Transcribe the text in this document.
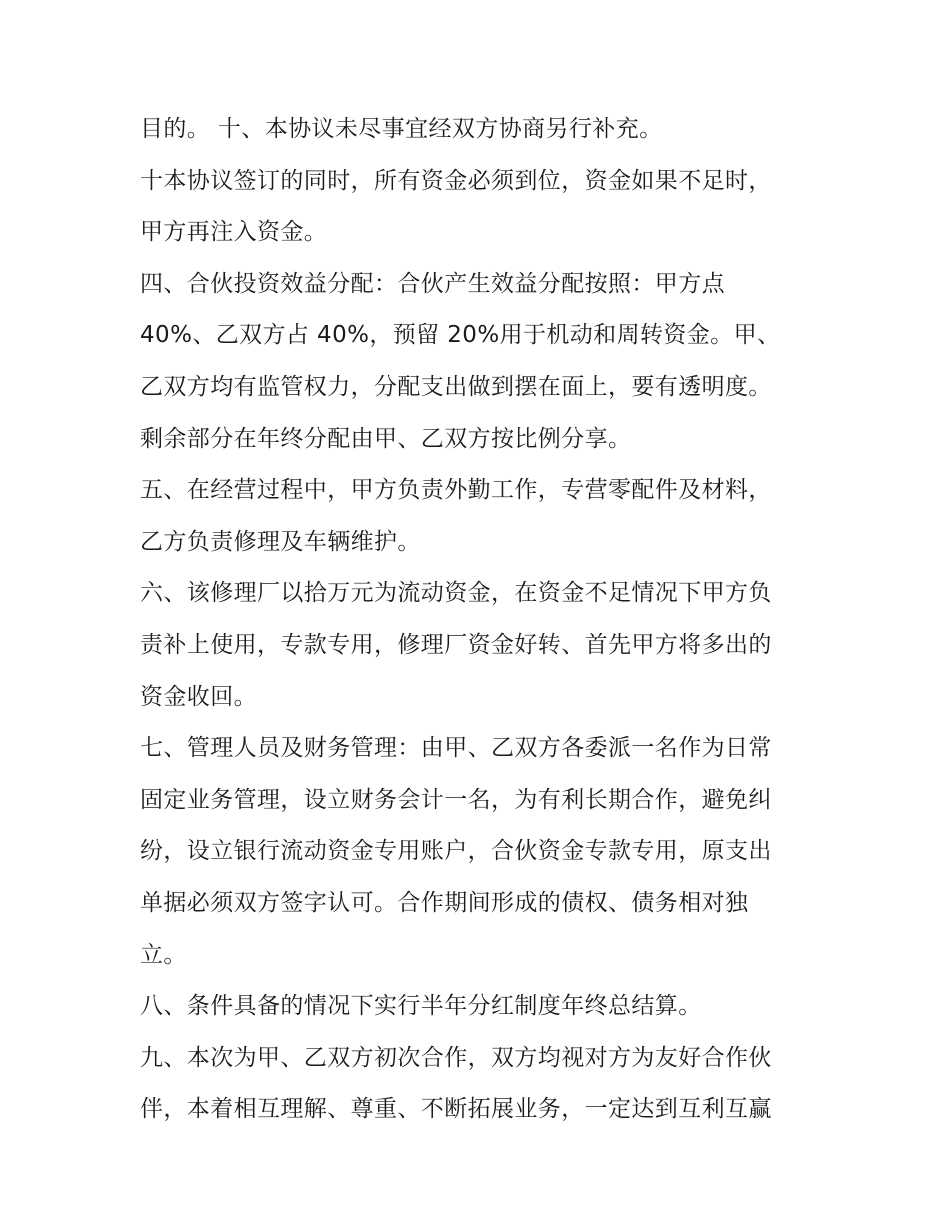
目的。 十、本协议未尽事宜经双方协商另行补充。
十本协议签订的同时，所有资金必须到位，资金如果不足时，
甲方再注入资金。
四、合伙投资效益分配：合伙产生效益分配按照：甲方点
40%、乙双方占 40%，预留 20%用于机动和周转资金。甲、
乙双方均有监管权力，分配支出做到摆在面上，要有透明度。
剩余部分在年终分配由甲、乙双方按比例分享。
五、在经营过程中，甲方负责外勤工作，专营零配件及材料，
乙方负责修理及车辆维护。
六、该修理厂以拾万元为流动资金，在资金不足情况下甲方负
责补上使用，专款专用，修理厂资金好转、首先甲方将多出的
资金收回。
七、管理人员及财务管理：由甲、乙双方各委派一名作为日常
固定业务管理，设立财务会计一名，为有利长期合作，避免纠
纷，设立银行流动资金专用账户，合伙资金专款专用，原支出
单据必须双方签字认可。合作期间形成的债权、债务相对独
立。
八、条件具备的情况下实行半年分红制度年终总结算。
九、本次为甲、乙双方初次合作，双方均视对方为友好合作伙
伴，本着相互理解、尊重、不断拓展业务，一定达到互利互赢
